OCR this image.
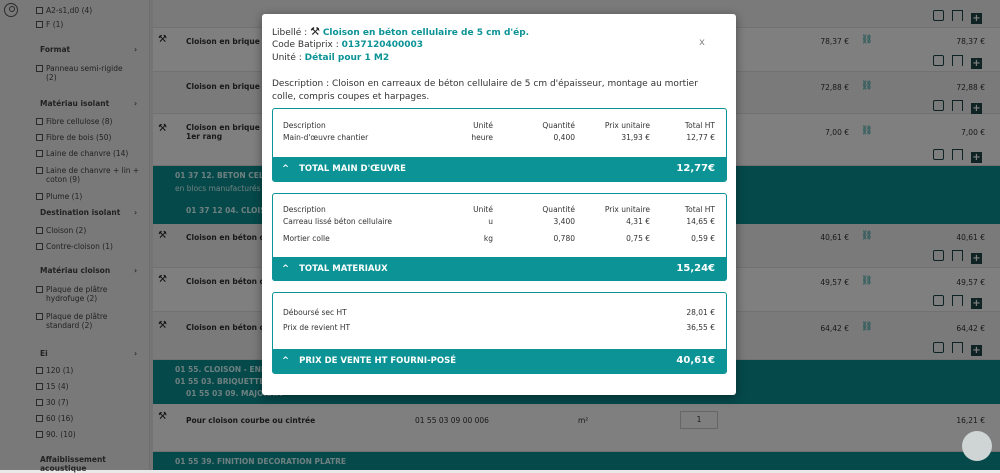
Libellé : ⚒ Cloison en béton cellulaire de 5 cm d'ép.
Code Batiprix : 0137120400003
Unité : Détail pour 1 M2
x
Description : Cloison en carreaux de béton cellulaire de 5 cm d'épaisseur, montage au mortier colle, compris coupes et harpages.
Description	Unité	Quantité	Prix unitaire	Total HT
Main-d'œuvre chantier	heure	0,400	31,93 €	12,77 €
^ TOTAL MAIN D'ŒUVRE	12,77€
Description	Unité	Quantité	Prix unitaire	Total HT
Carreau lissé béton cellulaire	u	3,400	4,31 €	14,65 €
Mortier colle	kg	0,780	0,75 €	0,59 €
^ TOTAL MATERIAUX	15,24€
Déboursé sec HT	28,01 €
Prix de revient HT	36,55 €
^ PRIX DE VENTE HT FOURNI-POSÉ	40,61€
